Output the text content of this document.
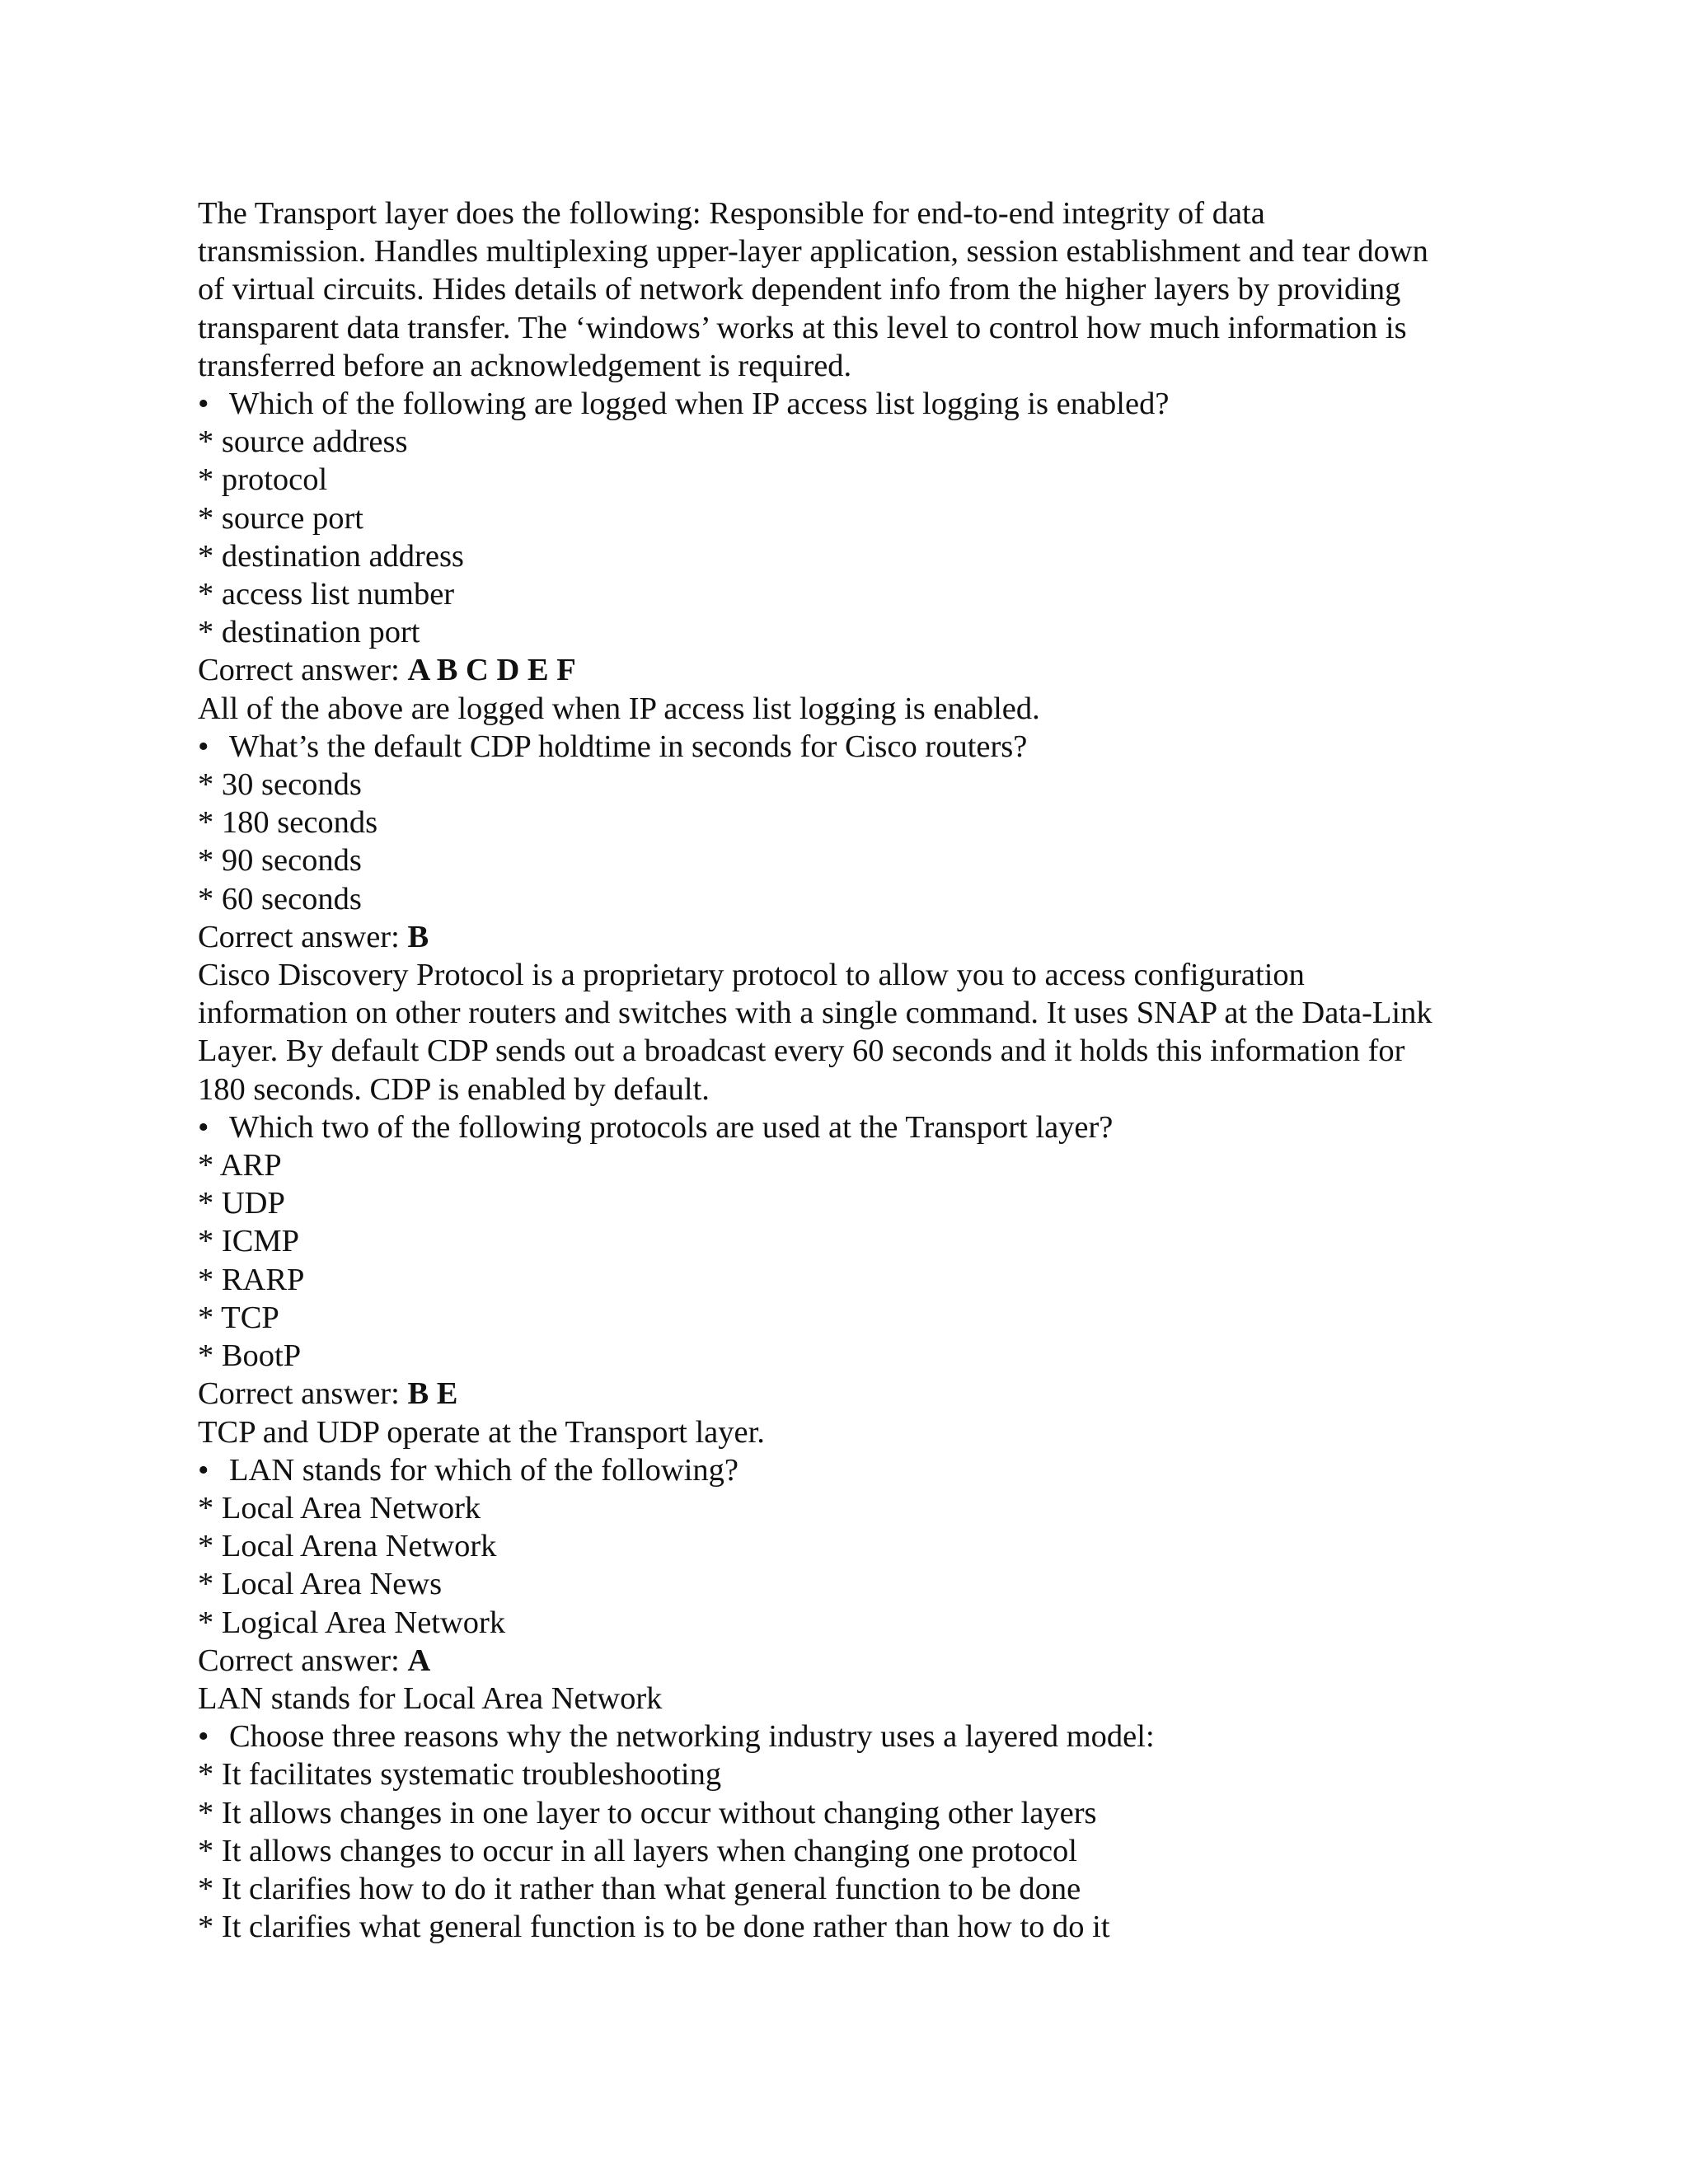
The Transport layer does the following: Responsible for end-to-end integrity of data

transmission. Handles multiplexing upper-layer application, session establishment and tear down

of virtual circuits. Hides details of network dependent info from the higher layers by providing

transparent data transfer. The ‘windows’ works at this level to control how much information is

transferred before an acknowledgement is required.

•Which of the following are logged when IP access list logging is enabled?
* source address
* protocol
* source port
* destination address
* access list number
* destination port
Correct answer: A B C D E F
All of the above are logged when IP access list logging is enabled.
•What’s the default CDP holdtime in seconds for Cisco routers?
* 30 seconds
* 180 seconds
* 90 seconds
* 60 seconds
Correct answer: B
Cisco Discovery Protocol is a proprietary protocol to allow you to access configuration
information on other routers and switches with a single command. It uses SNAP at the Data-Link
Layer. By default CDP sends out a broadcast every 60 seconds and it holds this information for
180 seconds. CDP is enabled by default.
•Which two of the following protocols are used at the Transport layer?
* ARP
* UDP
* ICMP
* RARP
* TCP
* BootP
Correct answer: B E
TCP and UDP operate at the Transport layer.
•LAN stands for which of the following?
* Local Area Network
* Local Arena Network
* Local Area News
* Logical Area Network
Correct answer: A
LAN stands for Local Area Network
•Choose three reasons why the networking industry uses a layered model:
* It facilitates systematic troubleshooting
* It allows changes in one layer to occur without changing other layers
* It allows changes to occur in all layers when changing one protocol
* It clarifies how to do it rather than what general function to be done
* It clarifies what general function is to be done rather than how to do it
